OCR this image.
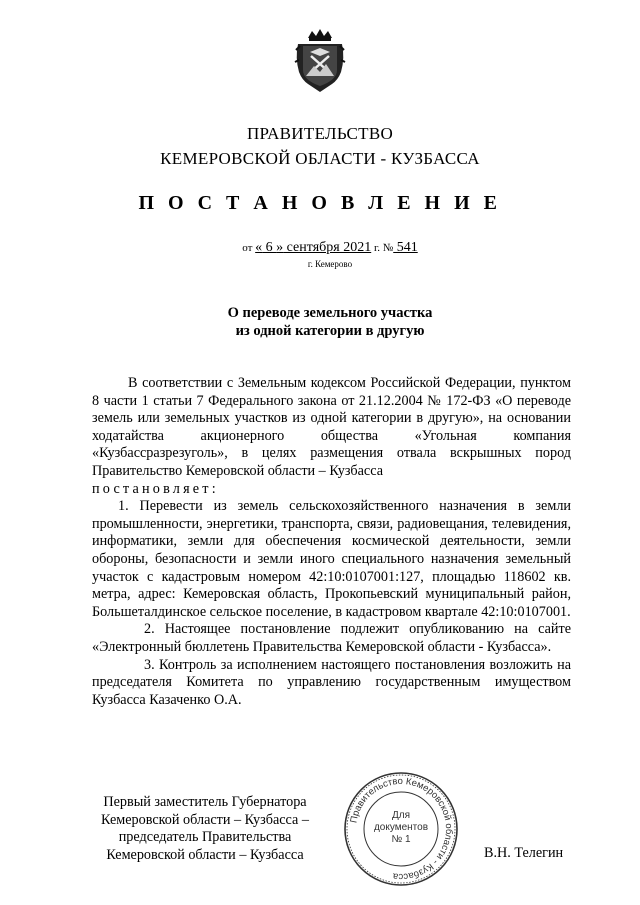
ПРАВИТЕЛЬСТВО
КЕМЕРОВСКОЙ ОБЛАСТИ - КУЗБАССА
П О С Т А Н О В Л Е Н И Е
от « 6 » сентября 2021 г. № 541
г. Кемерово
О переводе земельного участка
из одной категории в другую

В соответствии с Земельным кодексом Российской Федерации, пунктом 8 части 1 статьи 7 Федерального закона от 21.12.2004 № 172-ФЗ «О переводе земель или земельных участков из одной категории в другую», на основании ходатайства акционерного общества «Угольная компания «Кузбассразрезуголь», в целях размещения отвала вскрышных пород Правительство Кемеровской области – Кузбасса

постановляет:

1. Перевести из земель сельскохозяйственного назначения в земли промышленности, энергетики, транспорта, связи, радиовещания, телевидения, информатики, земли для обеспечения космической деятельности, земли обороны, безопасности и земли иного специального назначения земельный участок с кадастровым номером 42:10:0107001:127, площадью 118602 кв. метра, адрес: Кемеровская область, Прокопьевский муниципальный район, Большеталдинское сельское поселение, в кадастровом квартале 42:10:0107001.

2. Настоящее постановление подлежит опубликованию на сайте «Электронный бюллетень Правительства Кемеровской области - Кузбасса».

3. Контроль за исполнением настоящего постановления возложить на председателя Комитета по управлению государственным имуществом Кузбасса Казаченко О.А.

Первый заместитель Губернатора
Кемеровской области – Кузбасса –
председатель Правительства
Кемеровской области – Кузбасса
Правительство Кемеровской области - Кузбасса
Для
документов
№ 1
В.Н. Телегин
